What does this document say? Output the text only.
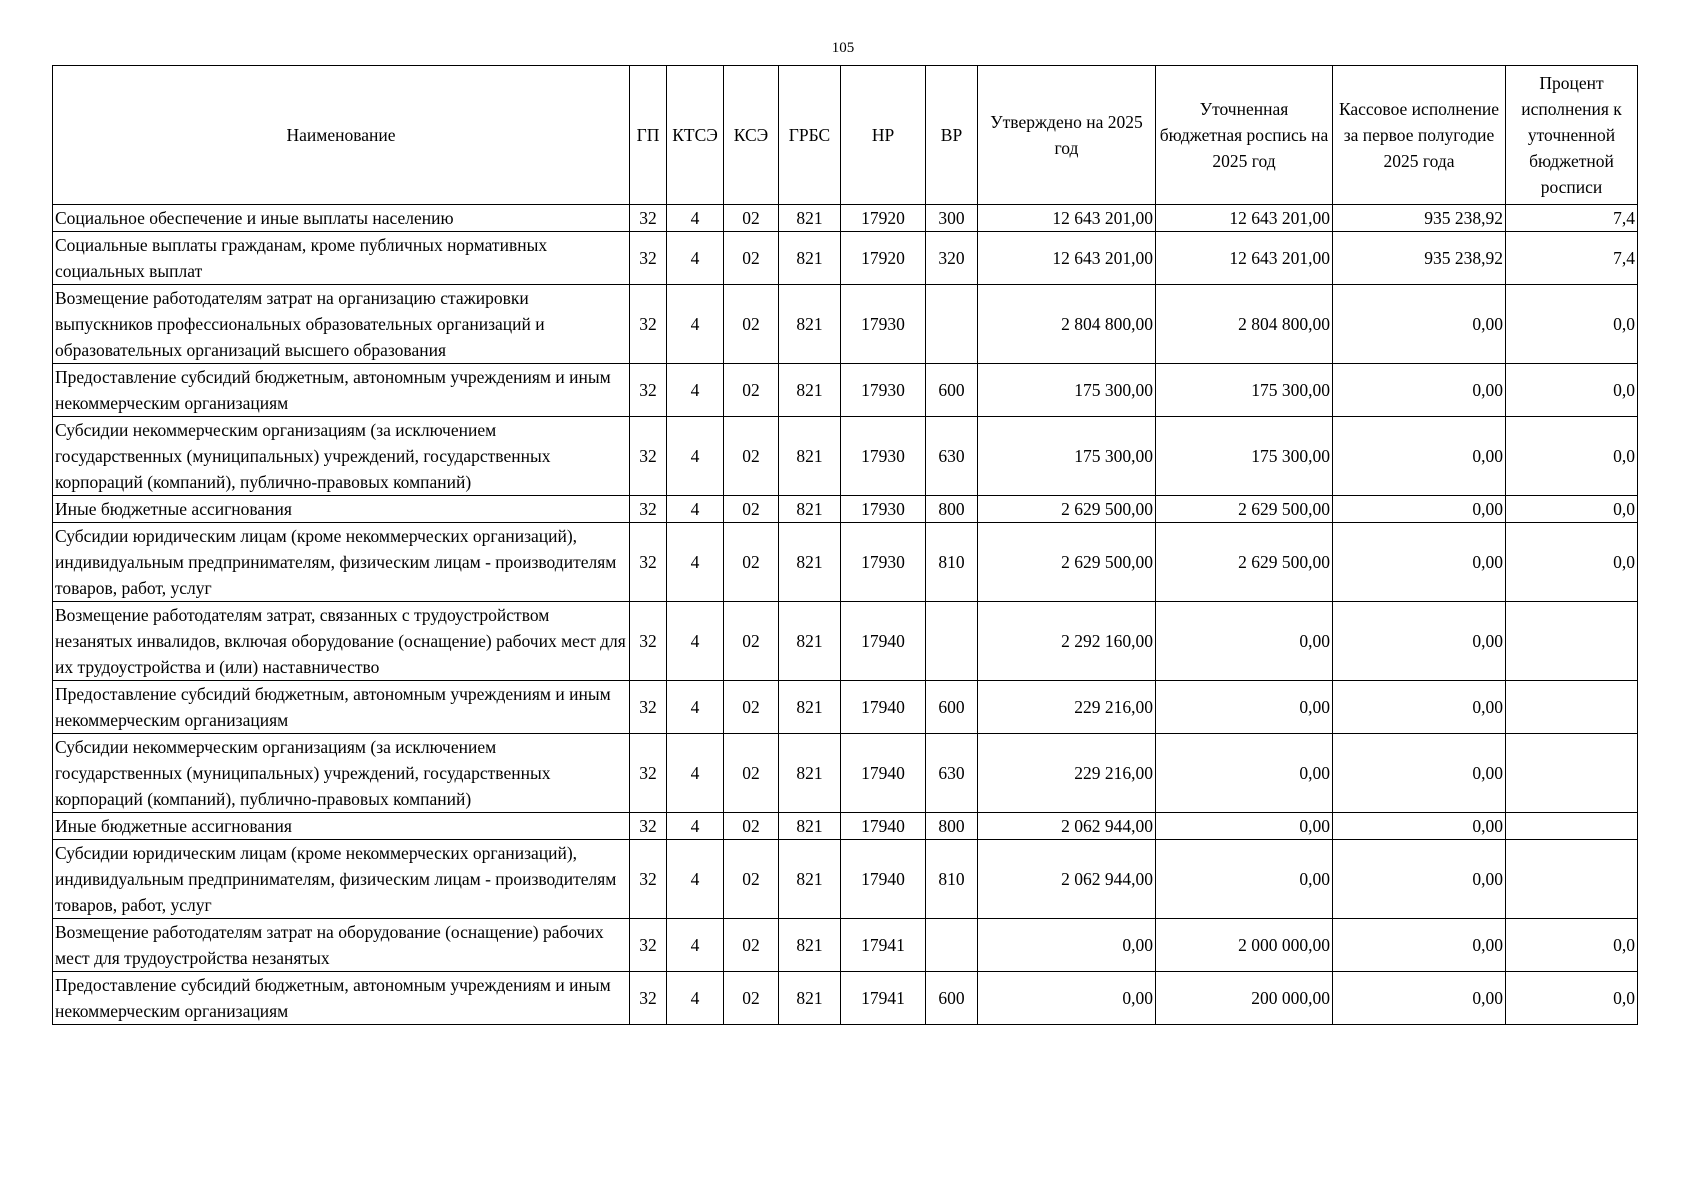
105
Наименование	ГП	КТСЭ	КСЭ	ГРБС	НР	ВР	Утверждено на 2025 год	Уточненная бюджетная роспись на 2025 год	Кассовое исполнение за первое полугодие 2025 года	Процент исполнения к уточненной бюджетной росписи
Социальное обеспечение и иные выплаты населению	32	4	02	821	17920	300	12 643 201,00	12 643 201,00	935 238,92	7,4
Социальные выплаты гражданам, кроме публичных нормативных социальных выплат	32	4	02	821	17920	320	12 643 201,00	12 643 201,00	935 238,92	7,4
Возмещение работодателям затрат на организацию стажировки выпускников профессиональных образовательных организаций и образовательных организаций высшего образования	32	4	02	821	17930		2 804 800,00	2 804 800,00	0,00	0,0
Предоставление субсидий бюджетным, автономным учреждениям и иным некоммерческим организациям	32	4	02	821	17930	600	175 300,00	175 300,00	0,00	0,0
Субсидии некоммерческим организациям (за исключением государственных (муниципальных) учреждений, государственных корпораций (компаний), публично-правовых компаний)	32	4	02	821	17930	630	175 300,00	175 300,00	0,00	0,0
Иные бюджетные ассигнования	32	4	02	821	17930	800	2 629 500,00	2 629 500,00	0,00	0,0
Субсидии юридическим лицам (кроме некоммерческих организаций), индивидуальным предпринимателям, физическим лицам - производителям товаров, работ, услуг	32	4	02	821	17930	810	2 629 500,00	2 629 500,00	0,00	0,0
Возмещение работодателям затрат, связанных с трудоустройством незанятых инвалидов, включая оборудование (оснащение) рабочих мест для их трудоустройства и (или) наставничество	32	4	02	821	17940		2 292 160,00	0,00	0,00	
Предоставление субсидий бюджетным, автономным учреждениям и иным некоммерческим организациям	32	4	02	821	17940	600	229 216,00	0,00	0,00	
Субсидии некоммерческим организациям (за исключением государственных (муниципальных) учреждений, государственных корпораций (компаний), публично-правовых компаний)	32	4	02	821	17940	630	229 216,00	0,00	0,00	
Иные бюджетные ассигнования	32	4	02	821	17940	800	2 062 944,00	0,00	0,00	
Субсидии юридическим лицам (кроме некоммерческих организаций), индивидуальным предпринимателям, физическим лицам - производителям товаров, работ, услуг	32	4	02	821	17940	810	2 062 944,00	0,00	0,00	
Возмещение работодателям затрат на оборудование (оснащение) рабочих мест для трудоустройства незанятых	32	4	02	821	17941		0,00	2 000 000,00	0,00	0,0
Предоставление субсидий бюджетным, автономным учреждениям и иным некоммерческим организациям	32	4	02	821	17941	600	0,00	200 000,00	0,00	0,0
